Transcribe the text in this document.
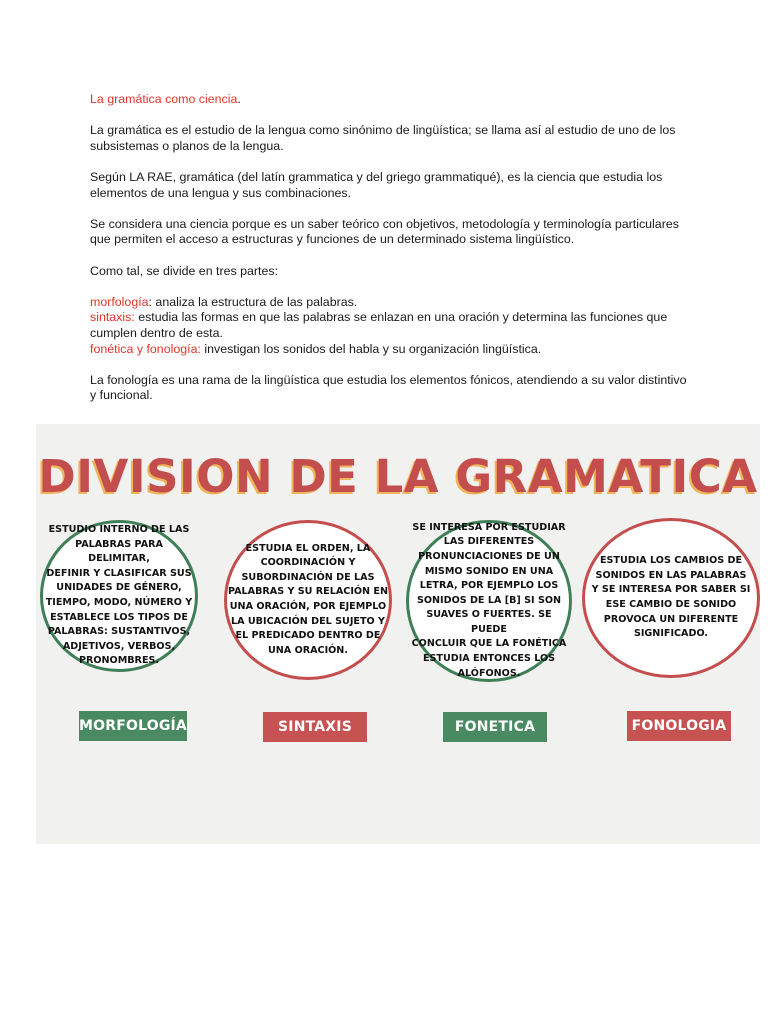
La gramática como ciencia.

La gramática es el estudio de la lengua como sinónimo de lingüística; se llama así al estudio de uno de los subsistemas o planos de la lengua.

Según LA RAE, gramática (del latín grammatica y del griego grammatiqué), es la ciencia que estudia los elementos de una lengua y sus combinaciones.

Se considera una ciencia porque es un saber teórico con objetivos, metodología y terminología particulares que permiten el acceso a estructuras y funciones de un determinado sistema lingüístico.

Como tal, se divide en tres partes:

morfología: analiza la estructura de las palabras.

sintaxis: estudia las formas en que las palabras se enlazan en una oración y determina las funciones que cumplen dentro de esta.

fonética y fonología: investigan los sonidos del habla y su organización lingüística.

La fonología es una rama de la lingüística que estudia los elementos fónicos, atendiendo a su valor distintivo y funcional.

DIVISION DE LA GRAMATICA
ESTUDIO INTERNO DE LAS
PALABRAS PARA DELIMITAR,
DEFINIR Y CLASIFICAR SUS
UNIDADES DE GÉNERO,
TIEMPO, MODO, NÚMERO Y
ESTABLECE LOS TIPOS DE
PALABRAS: SUSTANTIVOS,
ADJETIVOS, VERBOS,
PRONOMBRES.
ESTUDIA EL ORDEN, LA
COORDINACIÓN Y
SUBORDINACIÓN DE LAS
PALABRAS Y SU RELACIÓN EN
UNA ORACIÓN, POR EJEMPLO
LA UBICACIÓN DEL SUJETO Y
EL PREDICADO DENTRO DE
UNA ORACIÓN.
SE INTERESA POR ESTUDIAR
LAS DIFERENTES
PRONUNCIACIONES DE UN
MISMO SONIDO EN UNA
LETRA, POR EJEMPLO LOS
SONIDOS DE LA [B] SI SON
SUAVES O FUERTES. SE PUEDE
CONCLUIR QUE LA FONÉTICA
ESTUDIA ENTONCES LOS
ALÓFONOS.
ESTUDIA LOS CAMBIOS DE
SONIDOS EN LAS PALABRAS
Y SE INTERESA POR SABER SI
ESE CAMBIO DE SONIDO
PROVOCA UN DIFERENTE
SIGNIFICADO.
MORFOLOGÍA	SINTAXIS	FONETICA	FONOLOGIA
